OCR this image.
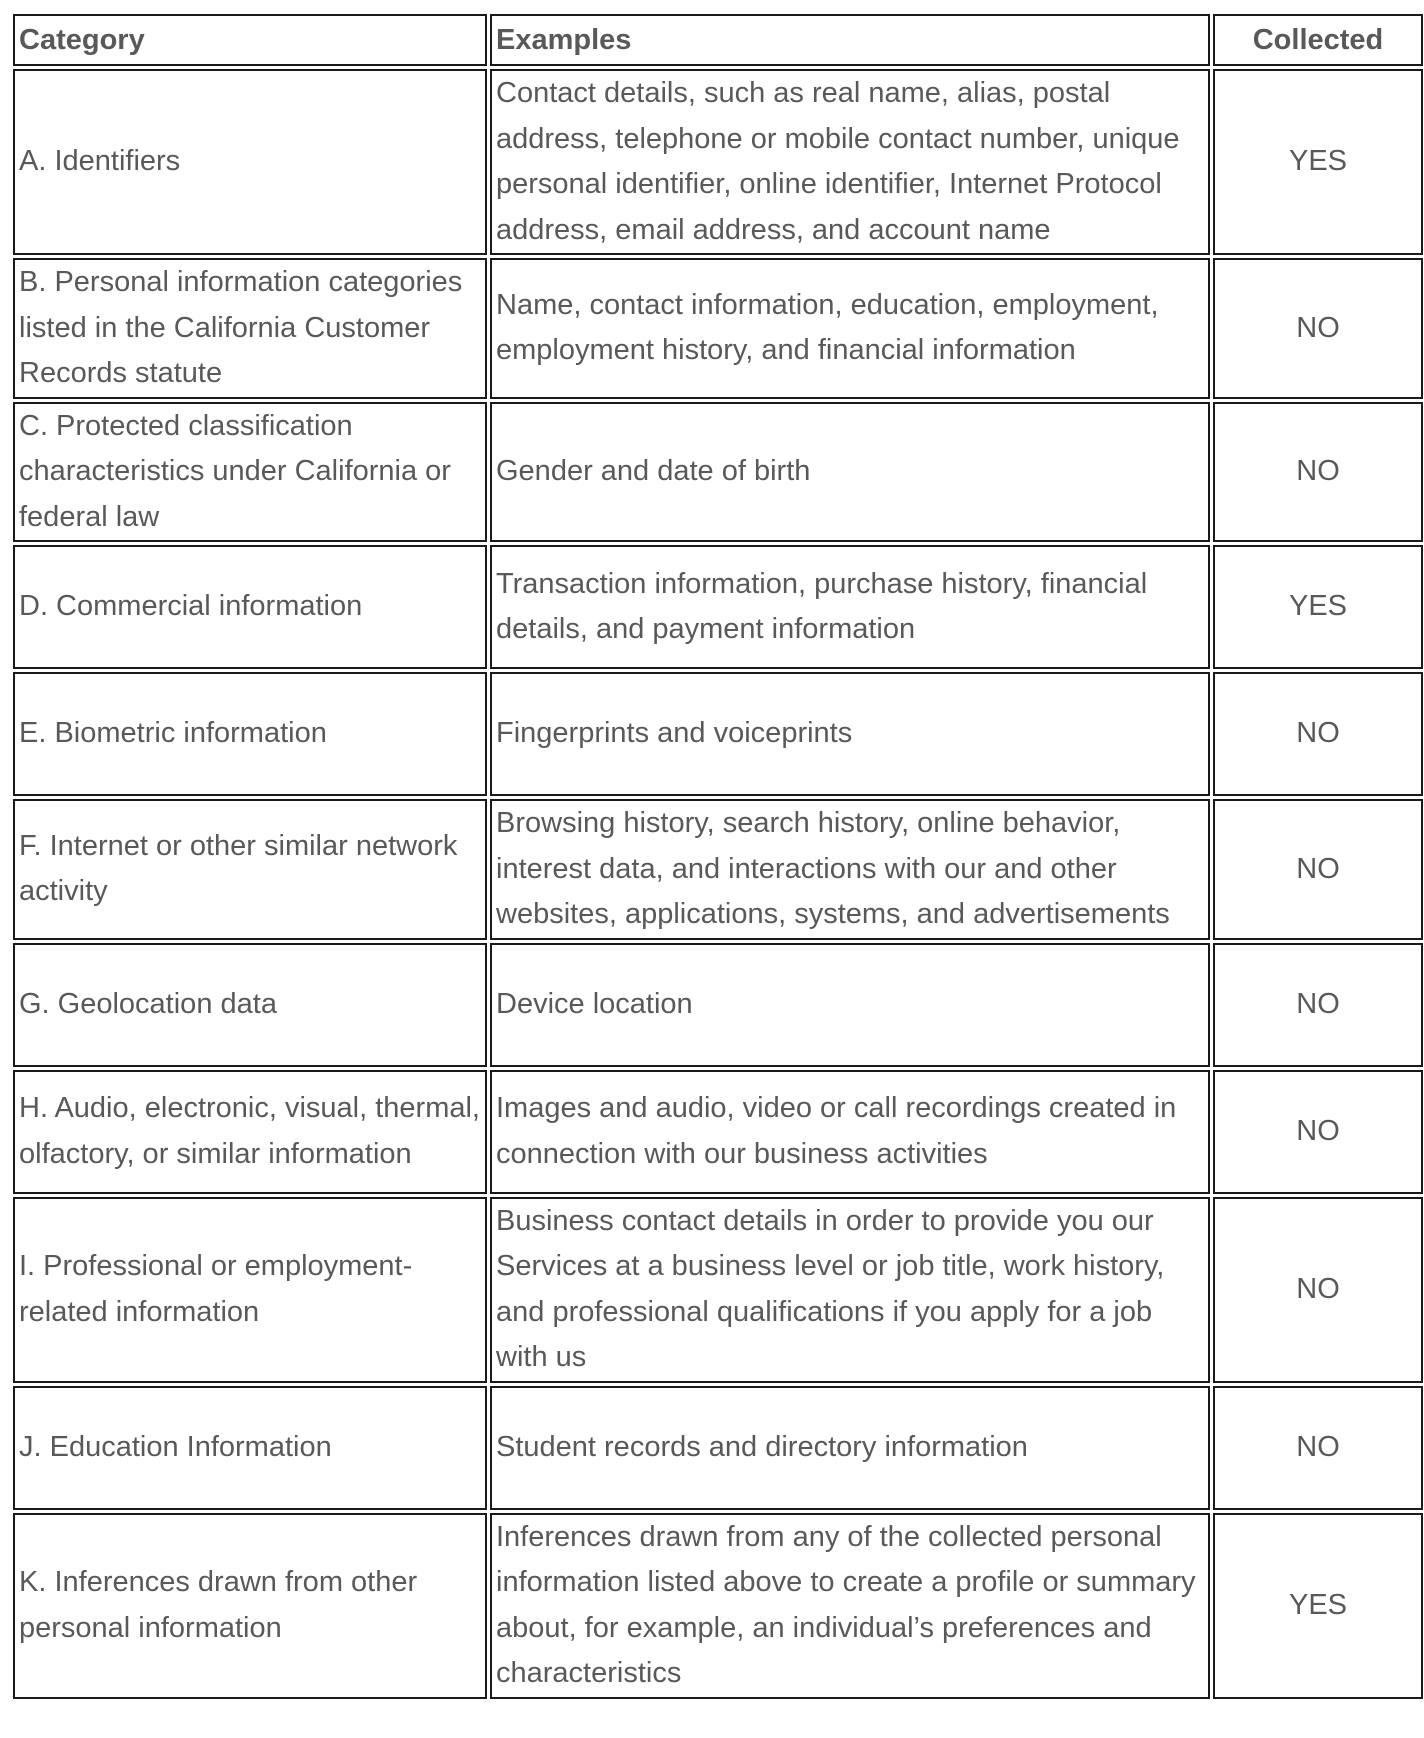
Category	Examples	Collected
A. Identifiers	Contact details, such as real name, alias, postal address, telephone or mobile contact number, unique personal identifier, online identifier, Internet Protocol address, email address, and account name	YES
B. Personal information categories listed in the California Customer Records statute	Name, contact information, education, employment, employment history, and financial information	NO
C. Protected classification characteristics under California or federal law	Gender and date of birth	NO
D. Commercial information	Transaction information, purchase history, financial details, and payment information	YES
E. Biometric information	Fingerprints and voiceprints	NO
F. Internet or other similar network activity	Browsing history, search history, online behavior, interest data, and interactions with our and other websites, applications, systems, and advertisements	NO
G. Geolocation data	Device location	NO
H. Audio, electronic, visual, thermal, olfactory, or similar information	Images and audio, video or call recordings created in connection with our business activities	NO
I. Professional or employment-related information	Business contact details in order to provide you our Services at a business level or job title, work history, and professional qualifications if you apply for a job with us	NO
J. Education Information	Student records and directory information	NO
K. Inferences drawn from other personal information	Inferences drawn from any of the collected personal information listed above to create a profile or summary about, for example, an individual’s preferences and characteristics	YES
